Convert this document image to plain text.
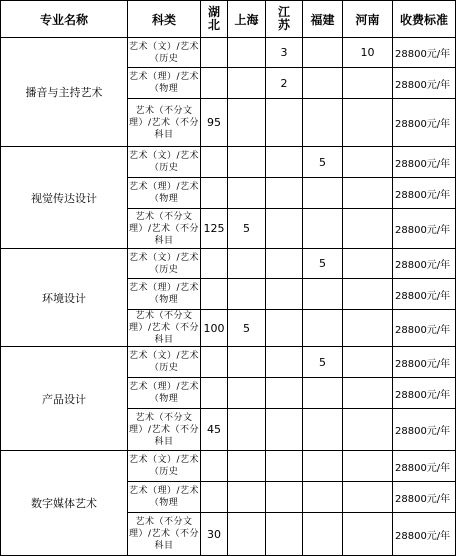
专业名称	科类	湖北	上海	江苏	福建	河南	收费标准
播音与主持艺术	艺术（文）/艺术（历史			3		10	28800元/年
	艺术（理）/艺术（物理			2			28800元/年
	艺术（不分文理）/艺术（不分科目	95					28800元/年
视觉传达设计	艺术（文）/艺术（历史				5		28800元/年
	艺术（理）/艺术（物理						28800元/年
	艺术（不分文理）/艺术（不分科目	125	5				28800元/年
环境设计	艺术（文）/艺术（历史				5		28800元/年
	艺术（理）/艺术（物理						28800元/年
	艺术（不分文理）/艺术（不分科目	100	5				28800元/年
产品设计	艺术（文）/艺术（历史				5		28800元/年
	艺术（理）/艺术（物理						28800元/年
	艺术（不分文理）/艺术（不分科目	45					28800元/年
数字媒体艺术	艺术（文）/艺术（历史						28800元/年
	艺术（理）/艺术（物理						28800元/年
	艺术（不分文理）/艺术（不分科目	30					28800元/年
